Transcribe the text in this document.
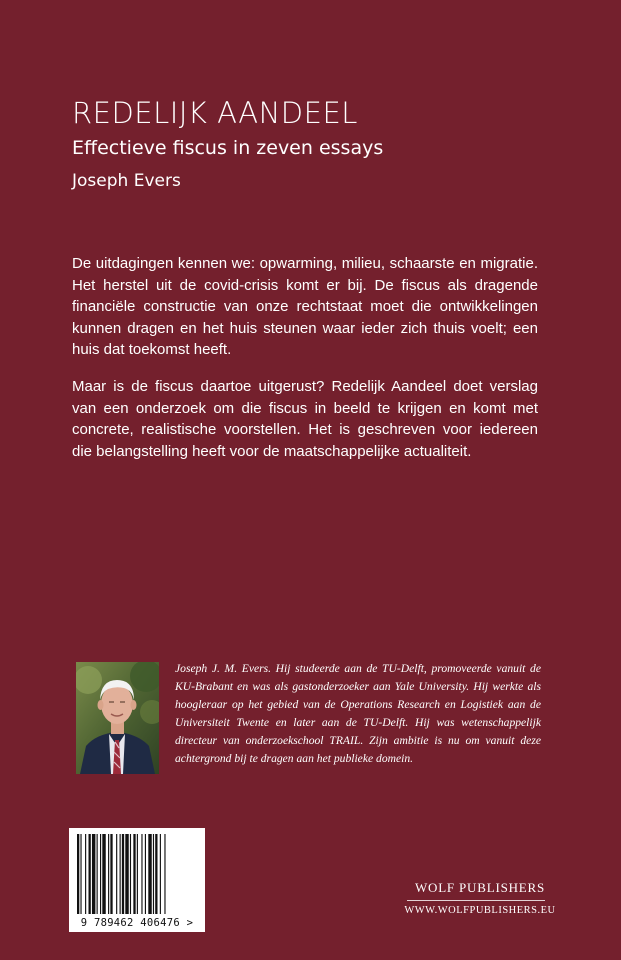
REDELIJK AANDEEL
Effectieve fiscus in zeven essays
Joseph Evers

De uitdagingen kennen we: opwarming, milieu, schaarste en migratie. Het herstel uit de covid-crisis komt er bij. De fiscus als dragende financiële constructie van onze rechtstaat moet die ontwikkelingen kunnen dragen en het huis steunen waar ieder zich thuis voelt; een huis dat toekomst heeft.

Maar is de fiscus daartoe uitgerust? Redelijk Aandeel doet verslag van een onderzoek om die fiscus in beeld te krijgen en komt met concrete, realistische voorstellen. Het is geschreven voor iedereen die belangstelling heeft voor de maatschappelijke actualiteit.

Joseph J. M. Evers. Hij studeerde aan de TU-Delft, promoveerde vanuit de KU-Brabant en was als gastonderzoeker aan Yale University. Hij werkte als hoogleraar op het gebied van de Operations Research en Logistiek aan de Universiteit Twente en later aan de TU-Delft. Hij was wetenschappelijk directeur van onderzoekschool TRAIL. Zijn ambitie is nu om vanuit deze achtergrond bij te dragen aan het publieke domein.

9 789462 406476 >
WOLF PUBLISHERS
WWW.WOLFPUBLISHERS.EU
